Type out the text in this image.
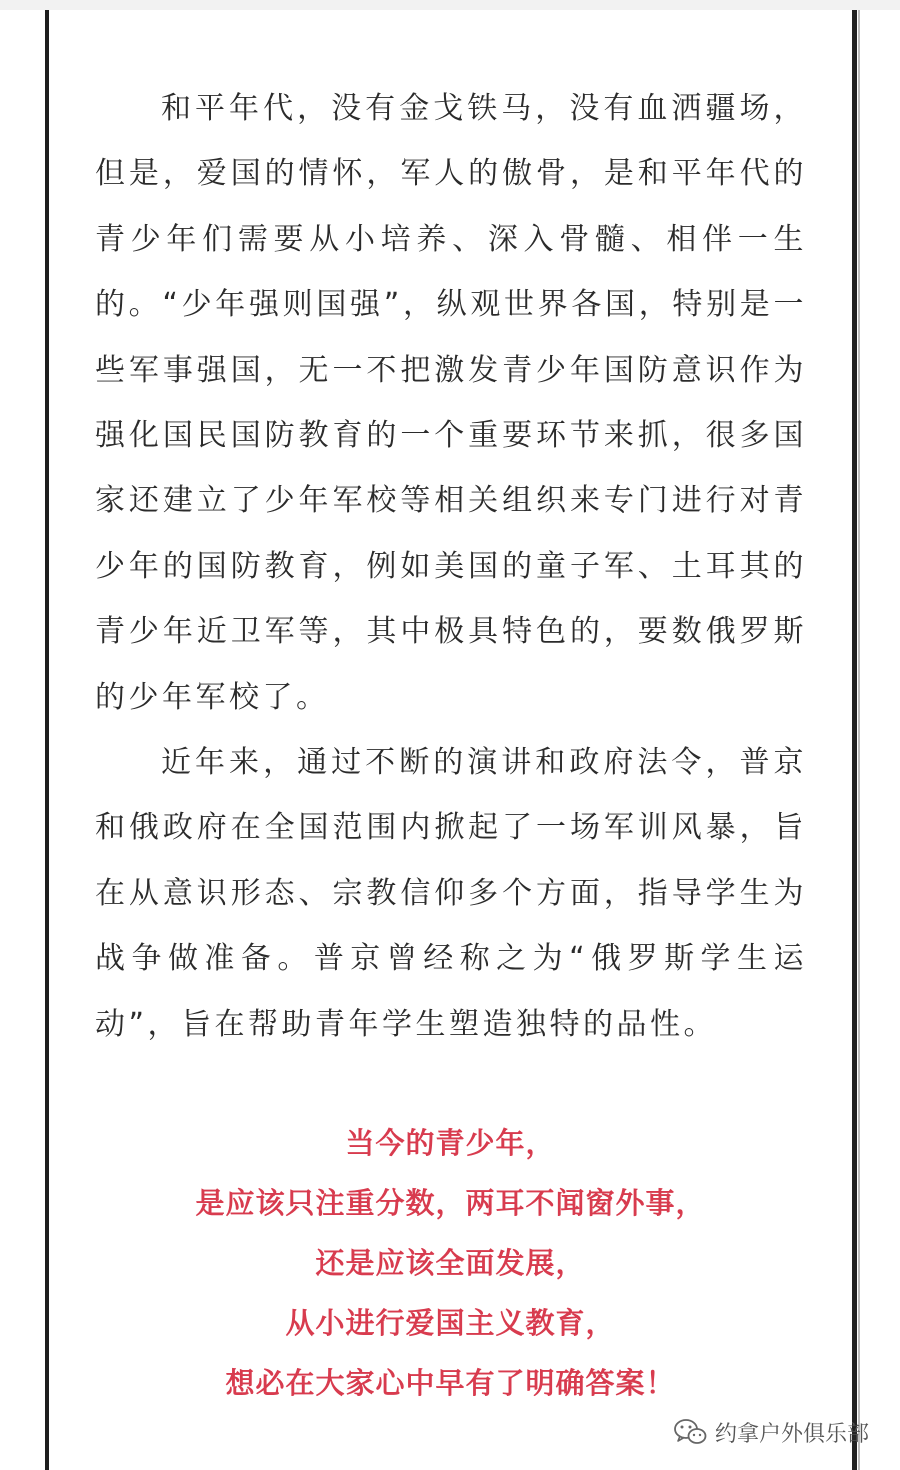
和平年代，没有金戈铁马，没有血洒疆场，但是，爱国的情怀，军人的傲骨，是和平年代的青少年们需要从小培养、深入骨髓、相伴一生的。“少年强则国强”，纵观世界各国，特别是一些军事强国，无一不把激发青少年国防意识作为强化国民国防教育的一个重要环节来抓，很多国家还建立了少年军校等相关组织来专门进行对青少年的国防教育，例如美国的童子军、土耳其的青少年近卫军等，其中极具特色的，要数俄罗斯的少年军校了。

近年来，通过不断的演讲和政府法令，普京和俄政府在全国范围内掀起了一场军训风暴，旨在从意识形态、宗教信仰多个方面，指导学生为战争做准备。普京曾经称之为“俄罗斯学生运动”，旨在帮助青年学生塑造独特的品性。

当今的青少年，
是应该只注重分数，两耳不闻窗外事，
还是应该全面发展，
从小进行爱国主义教育，
想必在大家心中早有了明确答案！
约拿户外俱乐部
